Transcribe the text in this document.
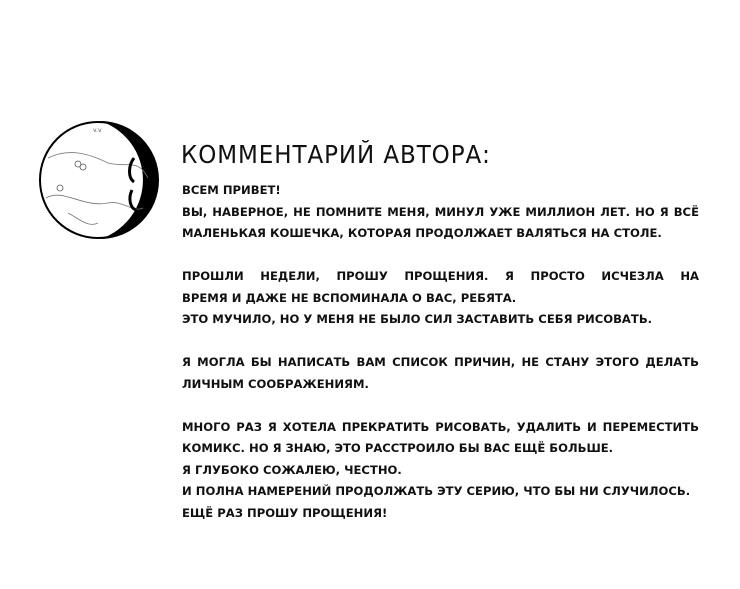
v.v
КОММЕНТАРИЙ АВТОРА:
ВСЕМ ПРИВЕТ!
ВЫ, НАВЕРНОЕ, НЕ ПОМНИТЕ МЕНЯ, МИНУЛ УЖЕ МИЛЛИОН ЛЕТ. НО Я ВСЁ
МАЛЕНЬКАЯ КОШЕЧКА, КОТОРАЯ ПРОДОЛЖАЕТ ВАЛЯТЬСЯ НА СТОЛЕ.
ПРОШЛИ НЕДЕЛИ, ПРОШУ ПРОЩЕНИЯ. Я ПРОСТО ИСЧЕЗЛА НА
ВРЕМЯ И ДАЖЕ НЕ ВСПОМИНАЛА О ВАС, РЕБЯТА.
ЭТО МУЧИЛО, НО У МЕНЯ НЕ БЫЛО СИЛ ЗАСТАВИТЬ СЕБЯ РИСОВАТЬ.
Я МОГЛА БЫ НАПИСАТЬ ВАМ СПИСОК ПРИЧИН, НЕ СТАНУ ЭТОГО ДЕЛАТЬ
ЛИЧНЫМ СООБРАЖЕНИЯМ.
МНОГО РАЗ Я ХОТЕЛА ПРЕКРАТИТЬ РИСОВАТЬ, УДАЛИТЬ И ПЕРЕМЕСТИТЬ
КОМИКС. НО Я ЗНАЮ, ЭТО РАССТРОИЛО БЫ ВАС ЕЩЁ БОЛЬШЕ.
Я ГЛУБОКО СОЖАЛЕЮ, ЧЕСТНО.
И ПОЛНА НАМЕРЕНИЙ ПРОДОЛЖАТЬ ЭТУ СЕРИЮ, ЧТО БЫ НИ СЛУЧИЛОСЬ.
ЕЩЁ РАЗ ПРОШУ ПРОЩЕНИЯ!
